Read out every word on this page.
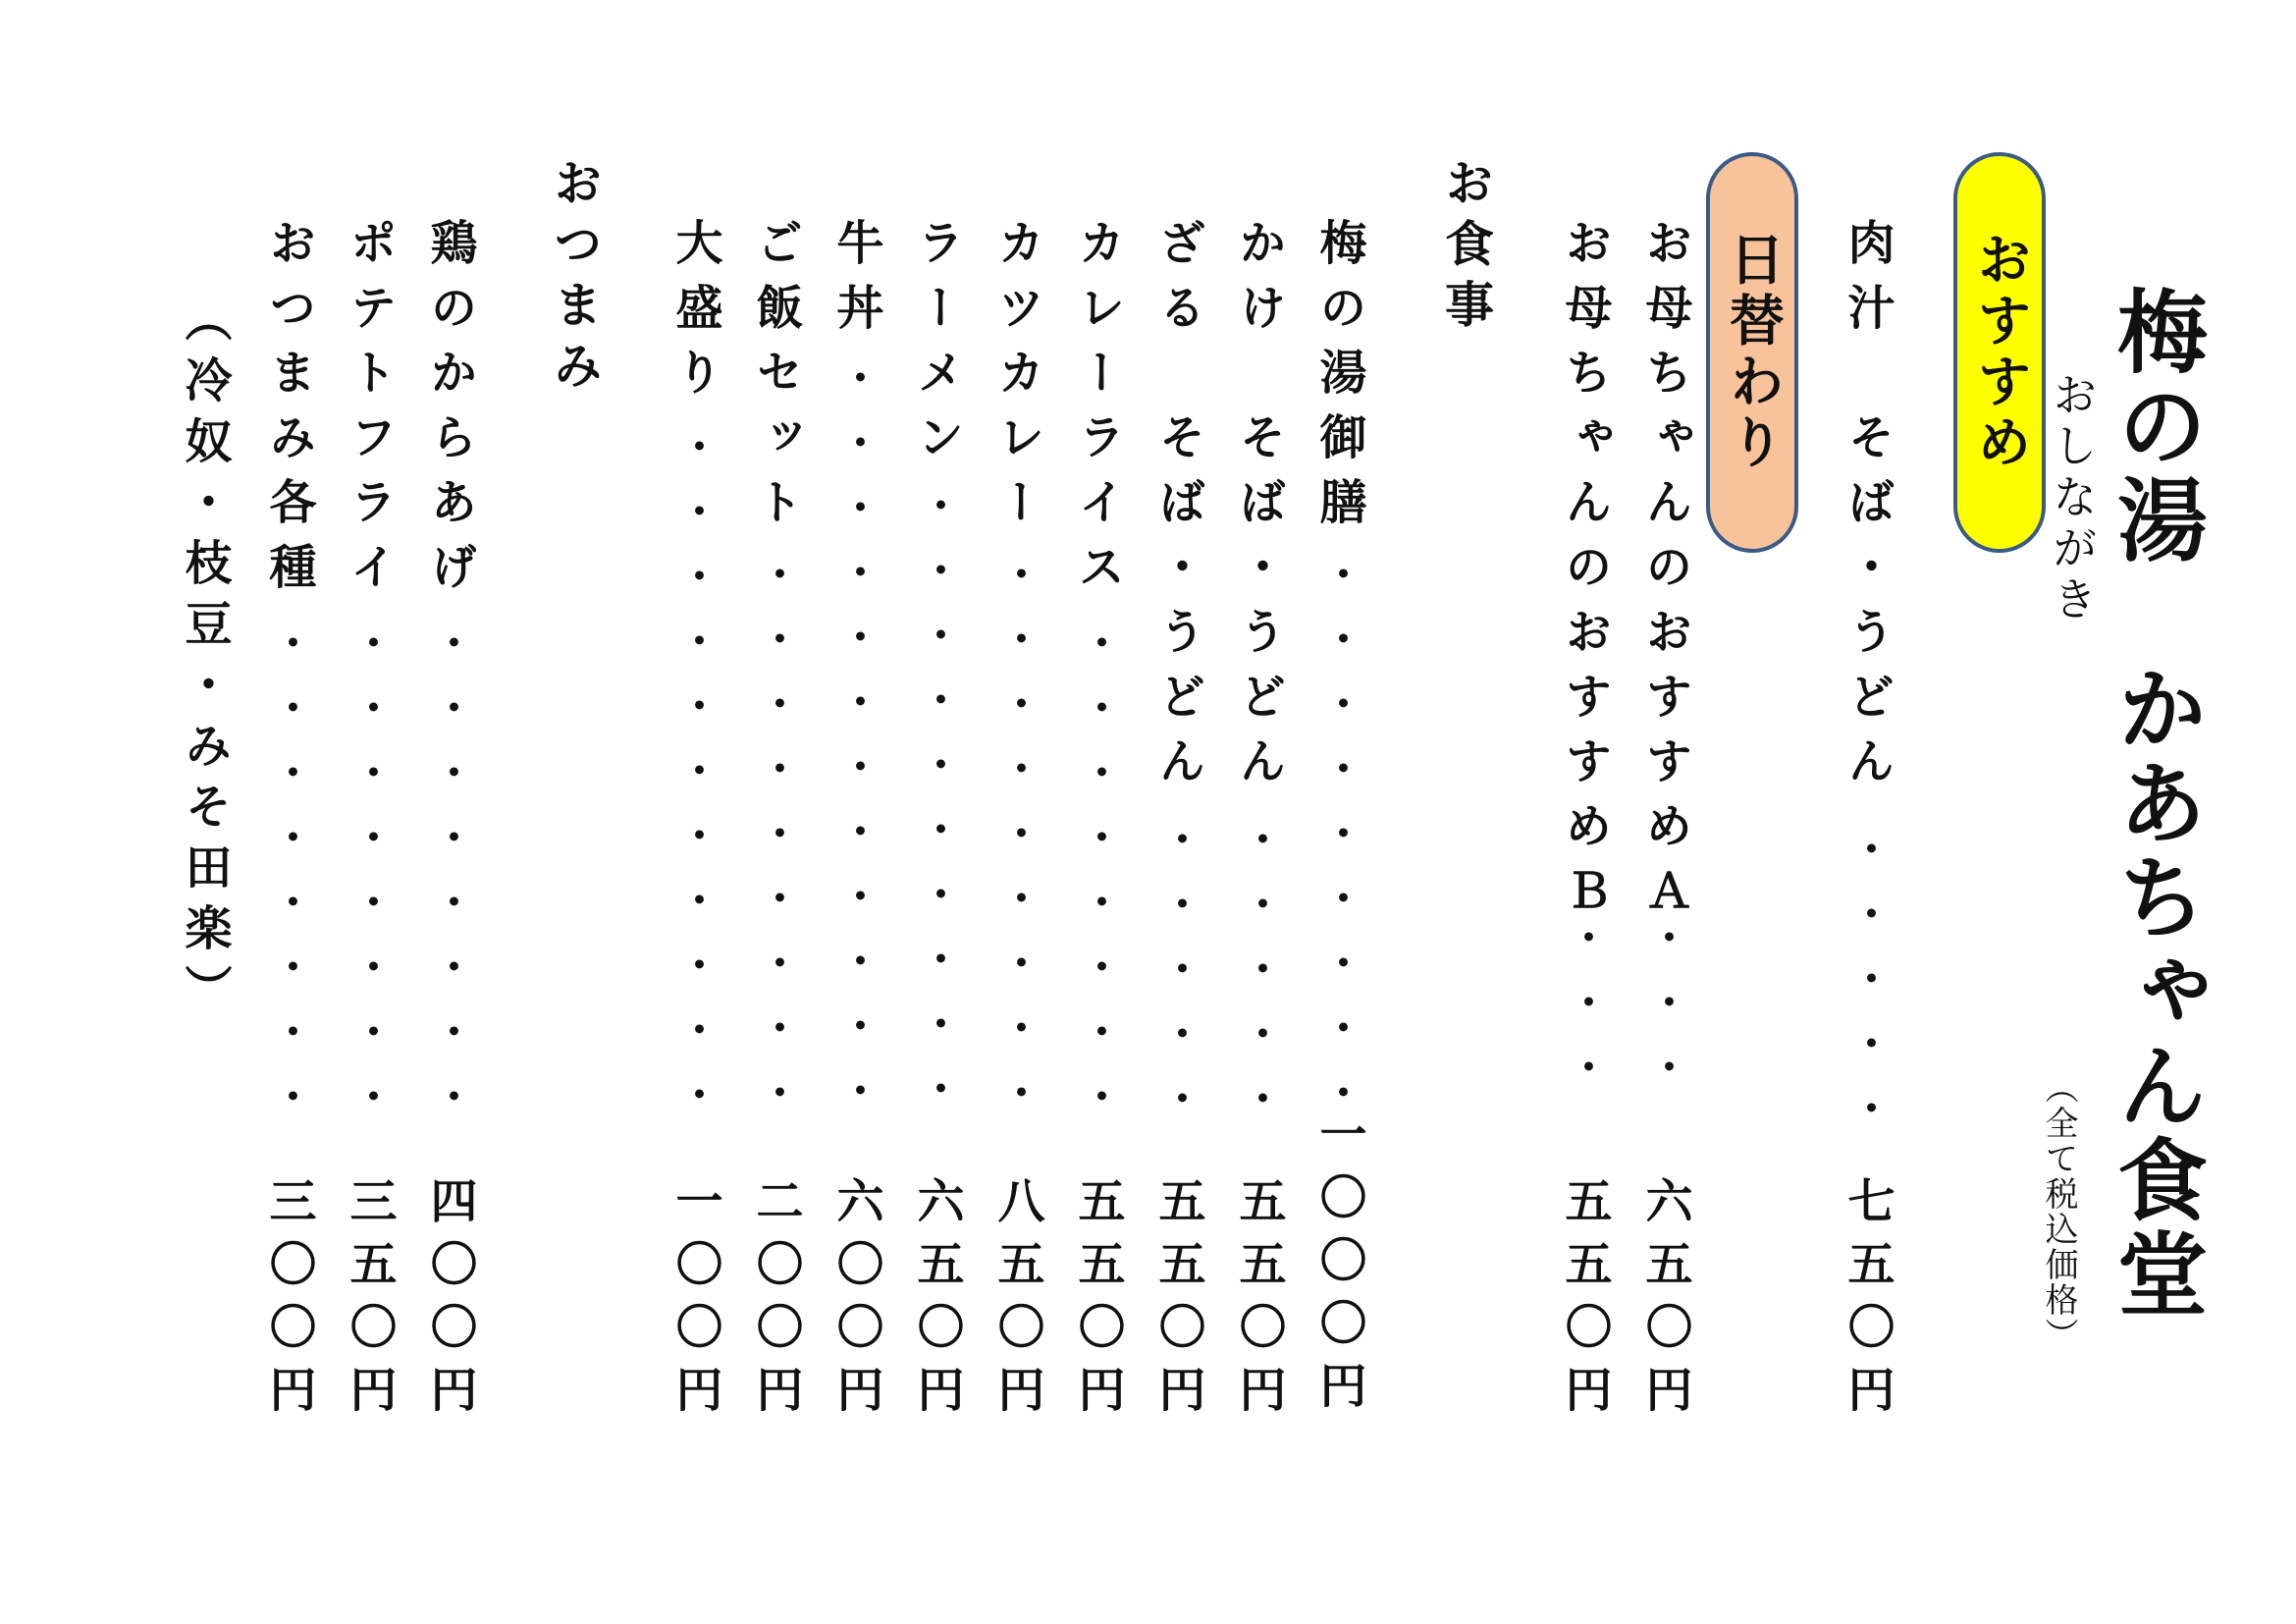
梅の湯　かあちゃん食堂
おしながき
（全て税込価格）
おすすめ
日替わり 肉汁　そば・うどん
・・・・・
七五〇円
お母ちゃんのおすすめＡ
・・・
六五〇円
お母ちゃんのおすすめＢ
・・・
五五〇円
お食事
梅の湯御膳
・・・・・・・・・
一〇〇〇円
かけ　そば・うどん
・・・・・
五五〇円
ざる　そば・うどん
・・・・・
五五〇円
カレーライス
・・・・・・・・
五五〇円
カツカレー
・・・・・・・・・
八五〇円
ラーメン
・・・・・・・・・・
六五〇円
牛丼
・・・・・・・・・・・・
六〇〇円
ご飯セット
・・・・・・・・・
二〇〇円
大盛り
・・・・・・・・・・・
一〇〇円
おつまみ
鶏のからあげ
・・・・・・・・
四〇〇円
ポテトフライ
・・・・・・・・
三五〇円
おつまみ各種
・・・・・・・・
三〇〇円
（冷奴・枝豆・みそ田楽）
